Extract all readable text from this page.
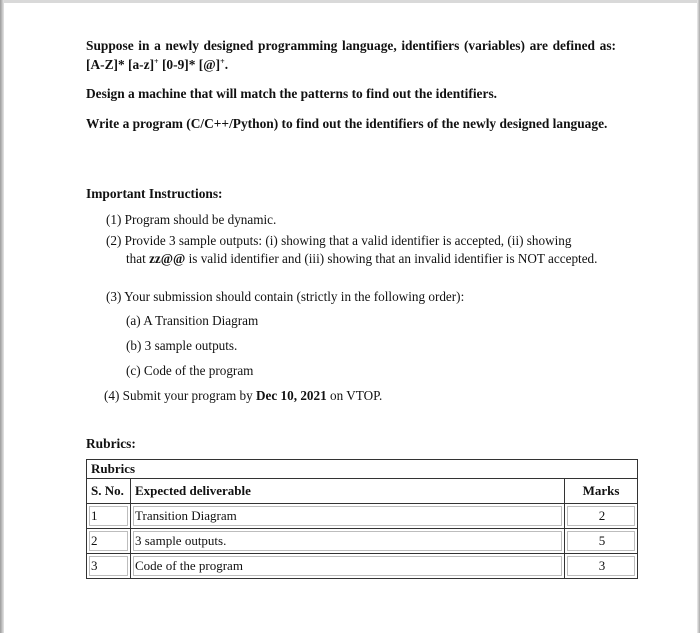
Suppose in a newly designed programming language, identifiers (variables) are defined as: [A-Z]* [a-z]+ [0-9]* [@]+.

Design a machine that will match the patterns to find out the identifiers.

Write a program (C/C++/Python) to find out the identifiers of the newly designed language.

Important Instructions:

(1) Program should be dynamic.

(2) Provide 3 sample outputs: (i) showing that a valid identifier is accepted, (ii) showing
that zz@@ is valid identifier and (iii) showing that an invalid identifier is NOT accepted.

(3) Your submission should contain (strictly in the following order):

(a) A Transition Diagram

(b) 3 sample outputs.

(c) Code of the program

(4) Submit your program by Dec 10, 2021 on VTOP.

Rubrics:

Rubrics		
S. No.	Expected deliverable	Marks

1	Transition Diagram	2

2	3 sample outputs.	5

3	Code of the program	3
